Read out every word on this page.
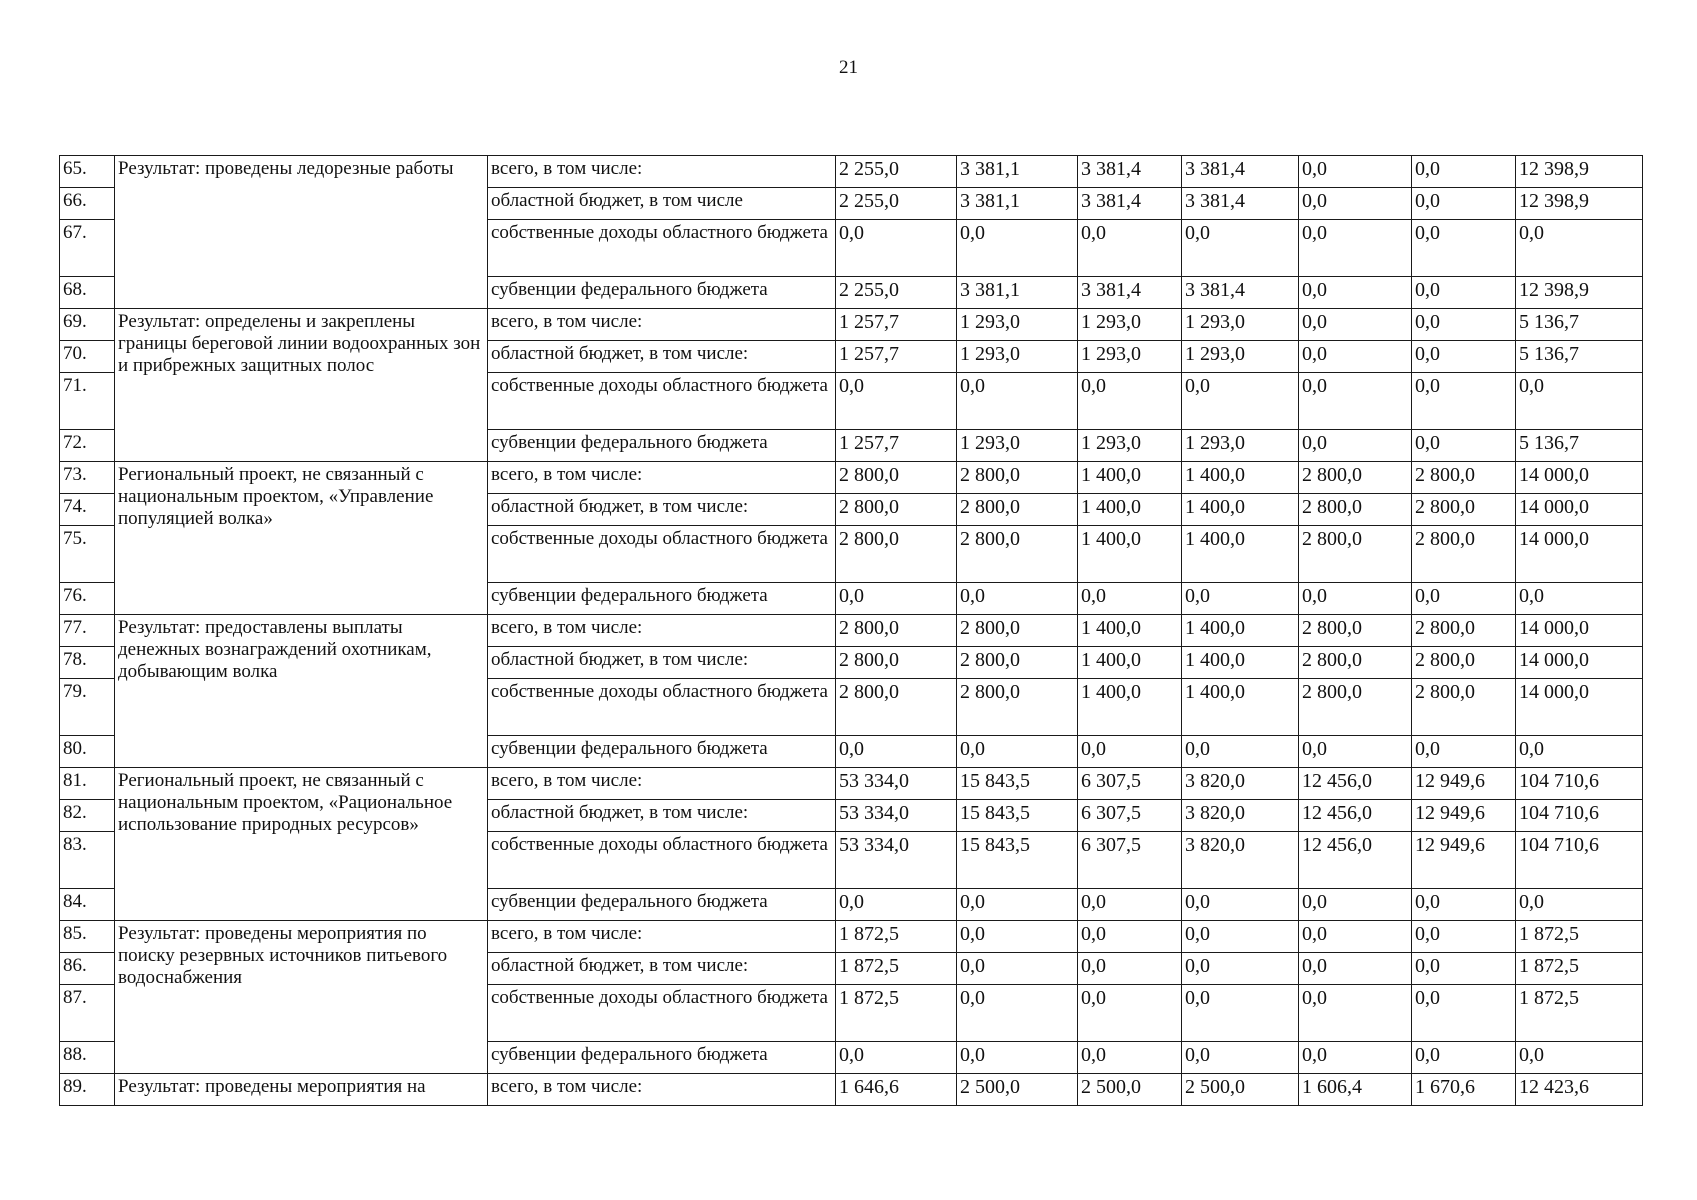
21
65.	Результат: проведены ледорезные работы	всего, в том числе:	2 255,0	3 381,1	3 381,4	3 381,4	0,0	0,0	12 398,9
66.		областной бюджет, в том числе	2 255,0	3 381,1	3 381,4	3 381,4	0,0	0,0	12 398,9
67.		собственные доходы областного бюджета	0,0	0,0	0,0	0,0	0,0	0,0	0,0
68.		субвенции федерального бюджета	2 255,0	3 381,1	3 381,4	3 381,4	0,0	0,0	12 398,9
69.	Результат: определены и закреплены границы береговой линии водоохранных зон и прибрежных защитных полос	всего, в том числе:	1 257,7	1 293,0	1 293,0	1 293,0	0,0	0,0	5 136,7
70.		областной бюджет, в том числе:	1 257,7	1 293,0	1 293,0	1 293,0	0,0	0,0	5 136,7
71.		собственные доходы областного бюджета	0,0	0,0	0,0	0,0	0,0	0,0	0,0
72.		субвенции федерального бюджета	1 257,7	1 293,0	1 293,0	1 293,0	0,0	0,0	5 136,7
73.	Региональный проект, не связанный с национальным проектом, «Управление популяцией волка»	всего, в том числе:	2 800,0	2 800,0	1 400,0	1 400,0	2 800,0	2 800,0	14 000,0
74.		областной бюджет, в том числе:	2 800,0	2 800,0	1 400,0	1 400,0	2 800,0	2 800,0	14 000,0
75.		собственные доходы областного бюджета	2 800,0	2 800,0	1 400,0	1 400,0	2 800,0	2 800,0	14 000,0
76.		субвенции федерального бюджета	0,0	0,0	0,0	0,0	0,0	0,0	0,0
77.	Результат: предоставлены выплаты денежных вознаграждений охотникам, добывающим волка	всего, в том числе:	2 800,0	2 800,0	1 400,0	1 400,0	2 800,0	2 800,0	14 000,0
78.		областной бюджет, в том числе:	2 800,0	2 800,0	1 400,0	1 400,0	2 800,0	2 800,0	14 000,0
79.		собственные доходы областного бюджета	2 800,0	2 800,0	1 400,0	1 400,0	2 800,0	2 800,0	14 000,0
80.		субвенции федерального бюджета	0,0	0,0	0,0	0,0	0,0	0,0	0,0
81.	Региональный проект, не связанный с национальным проектом, «Рациональное использование природных ресурсов»	всего, в том числе:	53 334,0	15 843,5	6 307,5	3 820,0	12 456,0	12 949,6	104 710,6
82.		областной бюджет, в том числе:	53 334,0	15 843,5	6 307,5	3 820,0	12 456,0	12 949,6	104 710,6
83.		собственные доходы областного бюджета	53 334,0	15 843,5	6 307,5	3 820,0	12 456,0	12 949,6	104 710,6
84.		субвенции федерального бюджета	0,0	0,0	0,0	0,0	0,0	0,0	0,0
85.	Результат: проведены мероприятия по поиску резервных источников питьевого водоснабжения	всего, в том числе:	1 872,5	0,0	0,0	0,0	0,0	0,0	1 872,5
86.		областной бюджет, в том числе:	1 872,5	0,0	0,0	0,0	0,0	0,0	1 872,5
87.		собственные доходы областного бюджета	1 872,5	0,0	0,0	0,0	0,0	0,0	1 872,5
88.		субвенции федерального бюджета	0,0	0,0	0,0	0,0	0,0	0,0	0,0
89.	Результат: проведены мероприятия на	всего, в том числе:	1 646,6	2 500,0	2 500,0	2 500,0	1 606,4	1 670,6	12 423,6
